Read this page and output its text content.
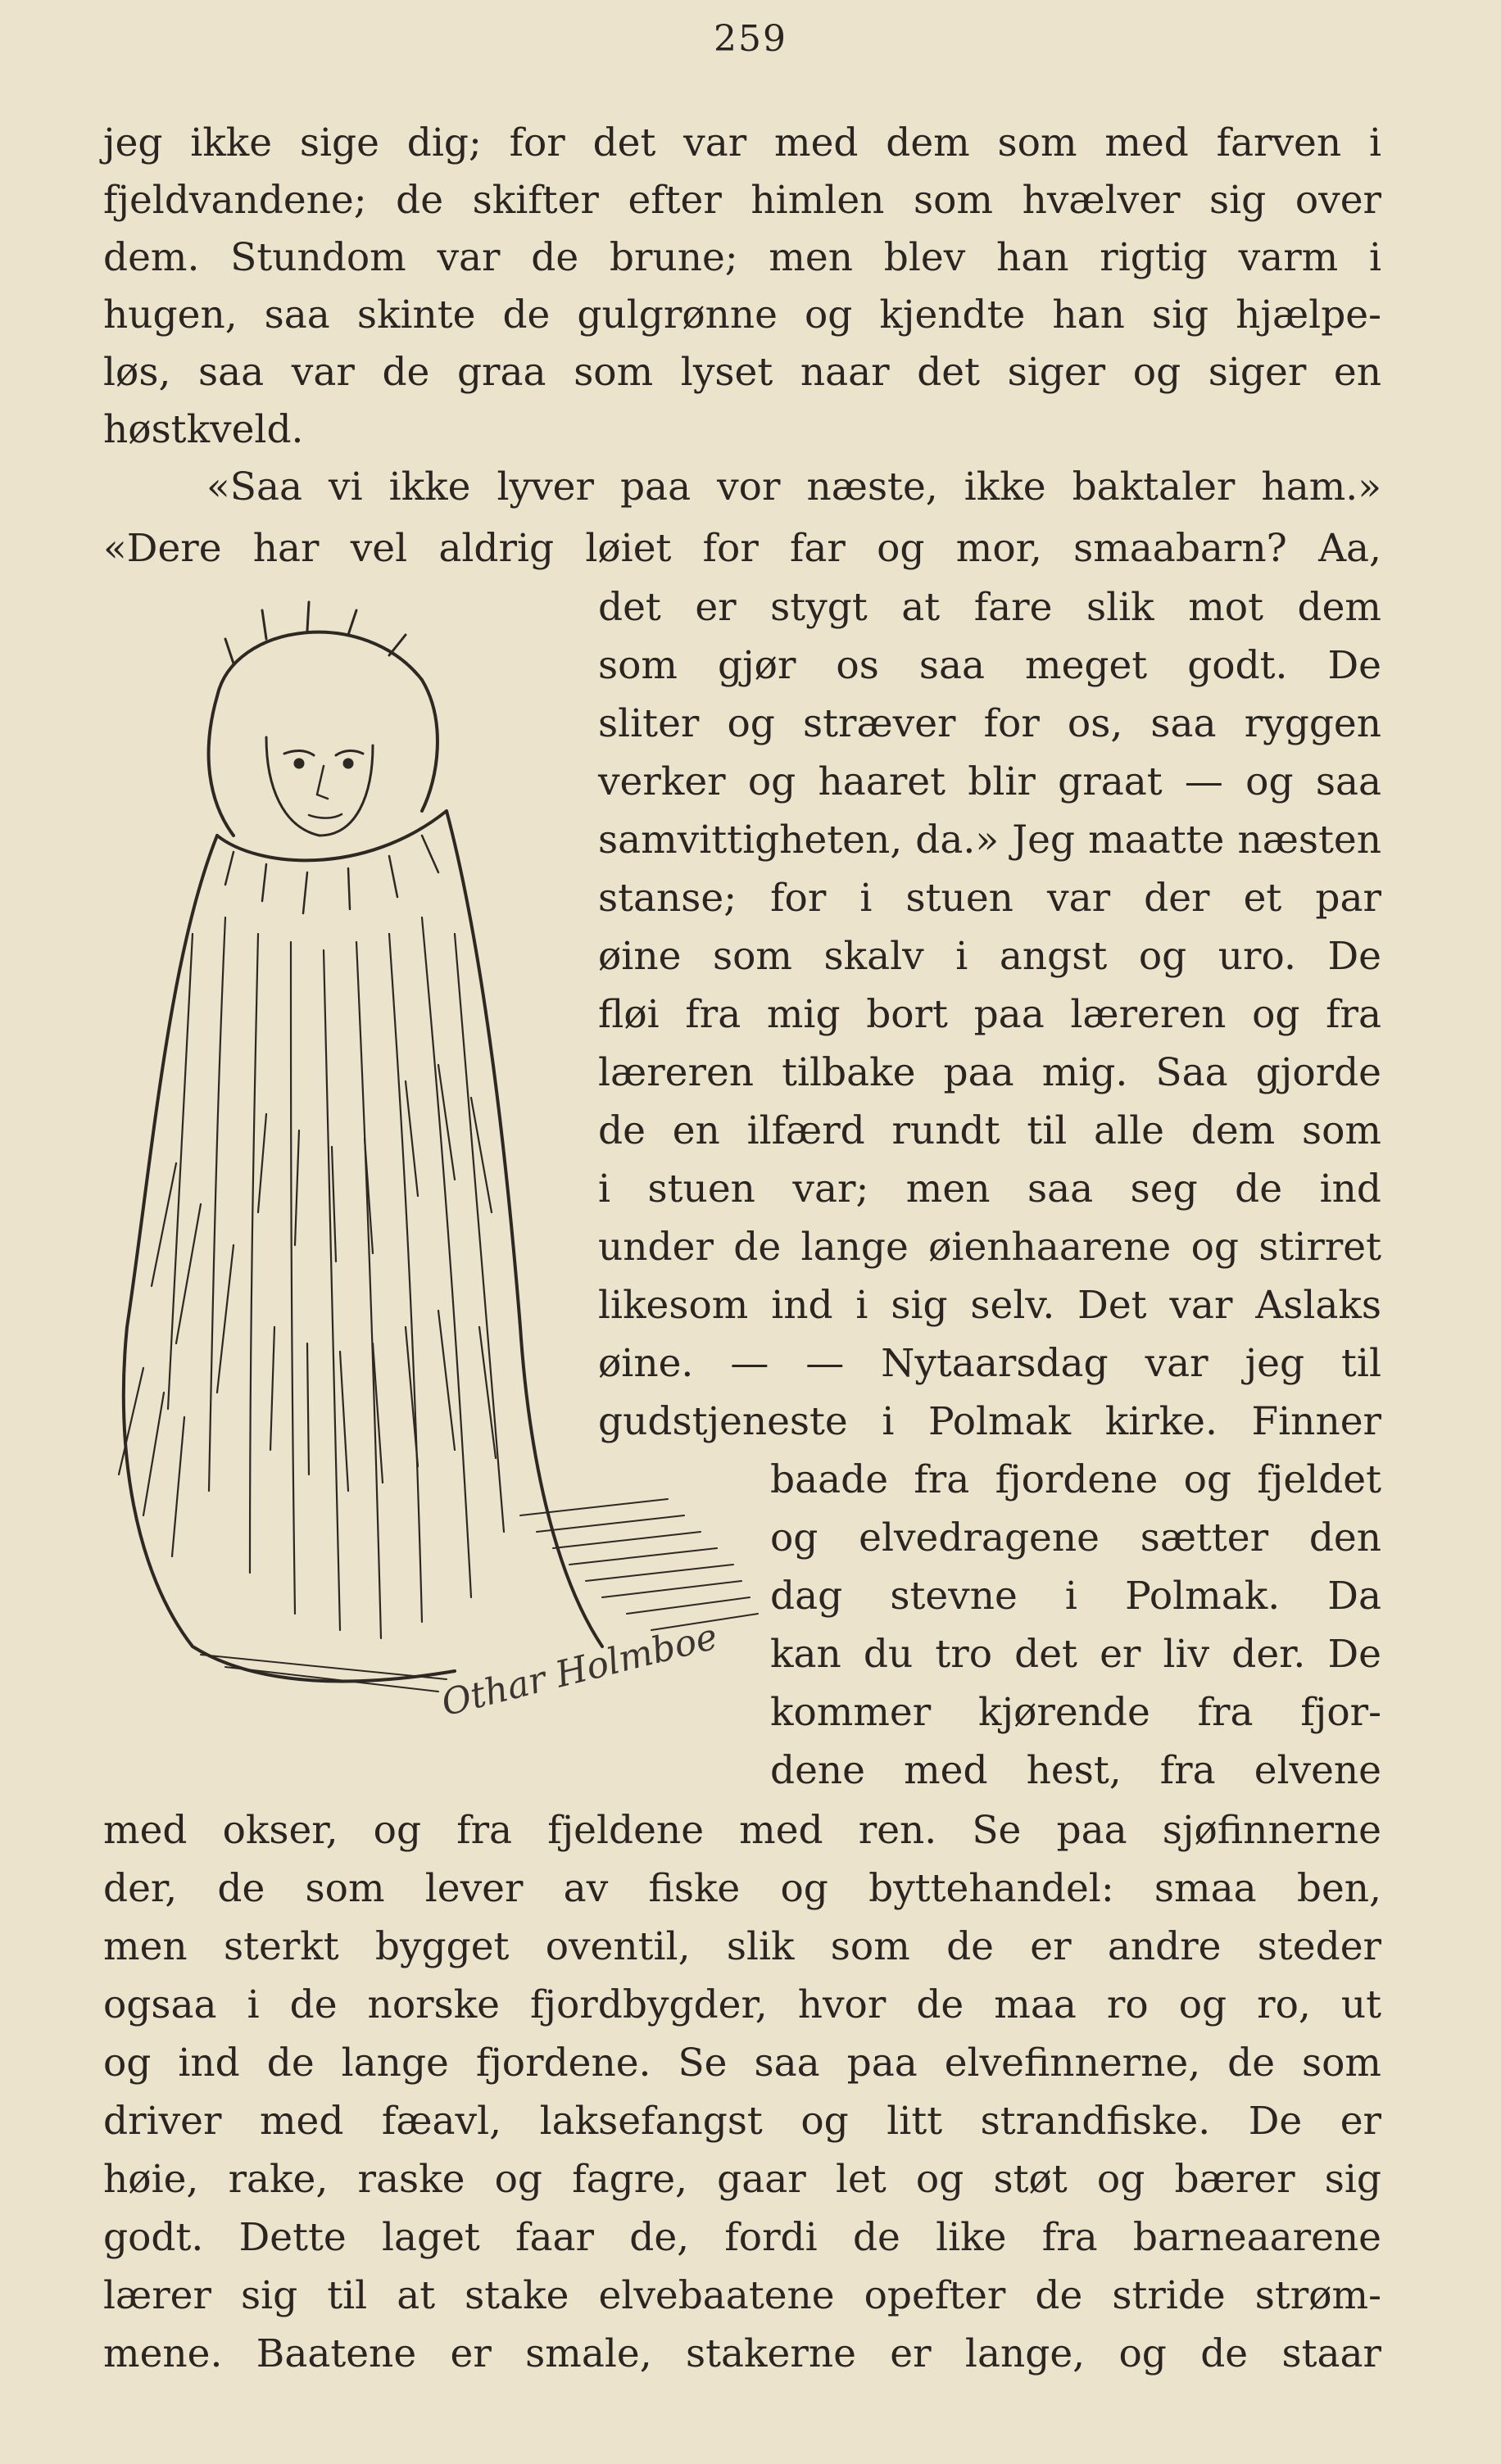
259
jeg ikke sige dig; for det var med dem som med farven i
fjeldvandene; de skifter efter himlen som hvælver sig over
dem. Stundom var de brune; men blev han rigtig varm i
hugen, saa skinte de gulgrønne og kjendte han sig hjælpe-
løs, saa var de graa som lyset naar det siger og siger en
høstkveld.
«Saa vi ikke lyver paa vor næste, ikke baktaler ham.»
«Dere har vel aldrig løiet for far og mor, smaabarn? Aa,
Othar Holmboe
det er stygt at fare slik mot dem
som gjør os saa meget godt. De
sliter og stræver for os, saa ryggen
verker og haaret blir graat — og saa
samvittigheten, da.» Jeg maatte næsten
stanse; for i stuen var der et par
øine som skalv i angst og uro. De
fløi fra mig bort paa læreren og fra
læreren tilbake paa mig. Saa gjorde
de en ilfærd rundt til alle dem som
i stuen var; men saa seg de ind
under de lange øienhaarene og stirret
likesom ind i sig selv. Det var Aslaks
øine. — — Nytaarsdag var jeg til
gudstjeneste i Polmak kirke. Finner
baade fra fjordene og fjeldet
og elvedragene sætter den
dag stevne i Polmak. Da
kan du tro det er liv der. De
kommer kjørende fra fjor-
dene med hest, fra elvene
med okser, og fra fjeldene med ren. Se paa sjøfinnerne
der, de som lever av fiske og byttehandel: smaa ben,
men sterkt bygget oventil, slik som de er andre steder
ogsaa i de norske fjordbygder, hvor de maa ro og ro, ut
og ind de lange fjordene. Se saa paa elvefinnerne, de som
driver med fæavl, laksefangst og litt strandfiske. De er
høie, rake, raske og fagre, gaar let og støt og bærer sig
godt. Dette laget faar de, fordi de like fra barneaarene
lærer sig til at stake elvebaatene opefter de stride strøm-
mene. Baatene er smale, stakerne er lange, og de staar
